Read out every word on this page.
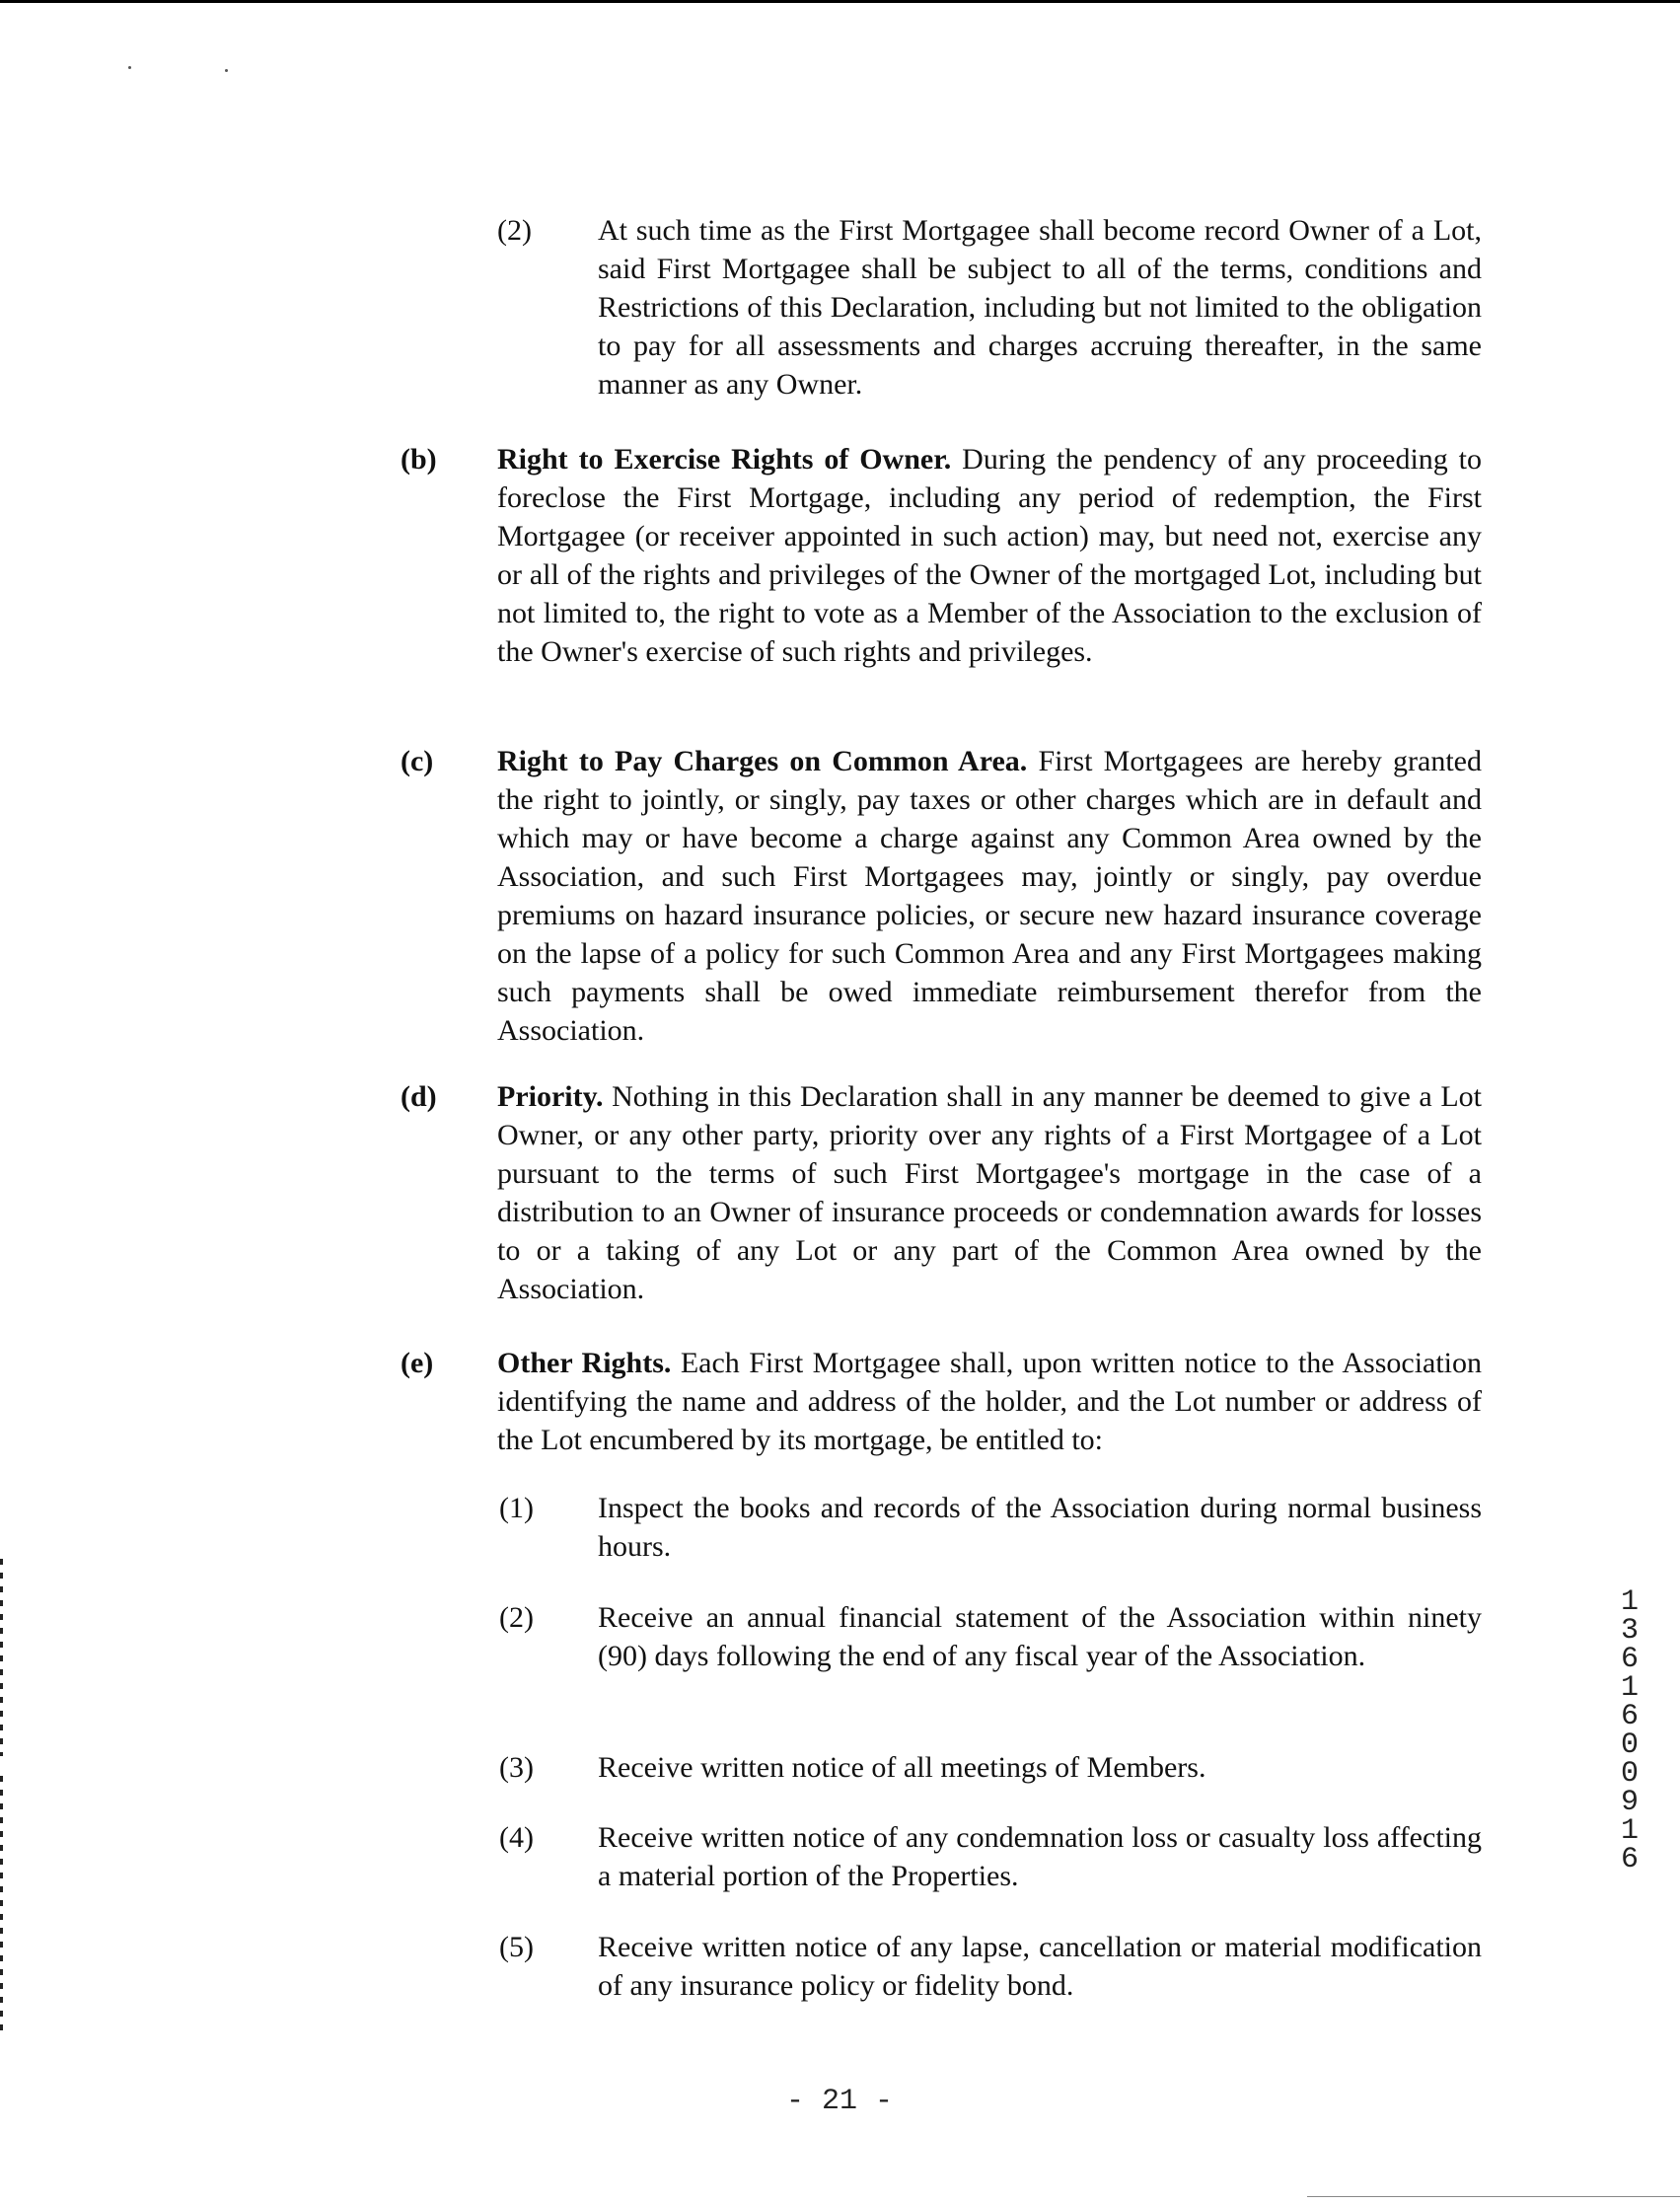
(2) At such time as the First Mortgagee shall become record Owner of a Lot, said First Mortgagee shall be subject to all of the terms, conditions and Restrictions of this Declaration, including but not limited to the obligation to pay for all assessments and charges accruing thereafter, in the same manner as any Owner.

(b) Right to Exercise Rights of Owner. During the pendency of any proceeding to foreclose the First Mortgage, including any period of redemption, the First Mortgagee (or receiver appointed in such action) may, but need not, exercise any or all of the rights and privileges of the Owner of the mortgaged Lot, including but not limited to, the right to vote as a Member of the Association to the exclusion of the Owner's exercise of such rights and privileges.

(c) Right to Pay Charges on Common Area. First Mortgagees are hereby granted the right to jointly, or singly, pay taxes or other charges which are in default and which may or have become a charge against any Common Area owned by the Association, and such First Mortgagees may, jointly or singly, pay overdue premiums on hazard insurance policies, or secure new hazard insurance coverage on the lapse of a policy for such Common Area and any First Mortgagees making such payments shall be owed immediate reimbursement therefor from the Association.

(d) Priority. Nothing in this Declaration shall in any manner be deemed to give a Lot Owner, or any other party, priority over any rights of a First Mortgagee of a Lot pursuant to the terms of such First Mortgagee's mortgage in the case of a distribution to an Owner of insurance proceeds or condemnation awards for losses to or a taking of any Lot or any part of the Common Area owned by the Association.

(e) Other Rights. Each First Mortgagee shall, upon written notice to the Association identifying the name and address of the holder, and the Lot number or address of the Lot encumbered by its mortgage, be entitled to:

(1) Inspect the books and records of the Association during normal business hours.

(2) Receive an annual financial statement of the Association within ninety (90) days following the end of any fiscal year of the Association.

(3) Receive written notice of all meetings of Members.

(4) Receive written notice of any condemnation loss or casualty loss affecting a material portion of the Properties.

(5) Receive written notice of any lapse, cancellation or material modification of any insurance policy or fidelity bond.

13616 00916
- 21 -
